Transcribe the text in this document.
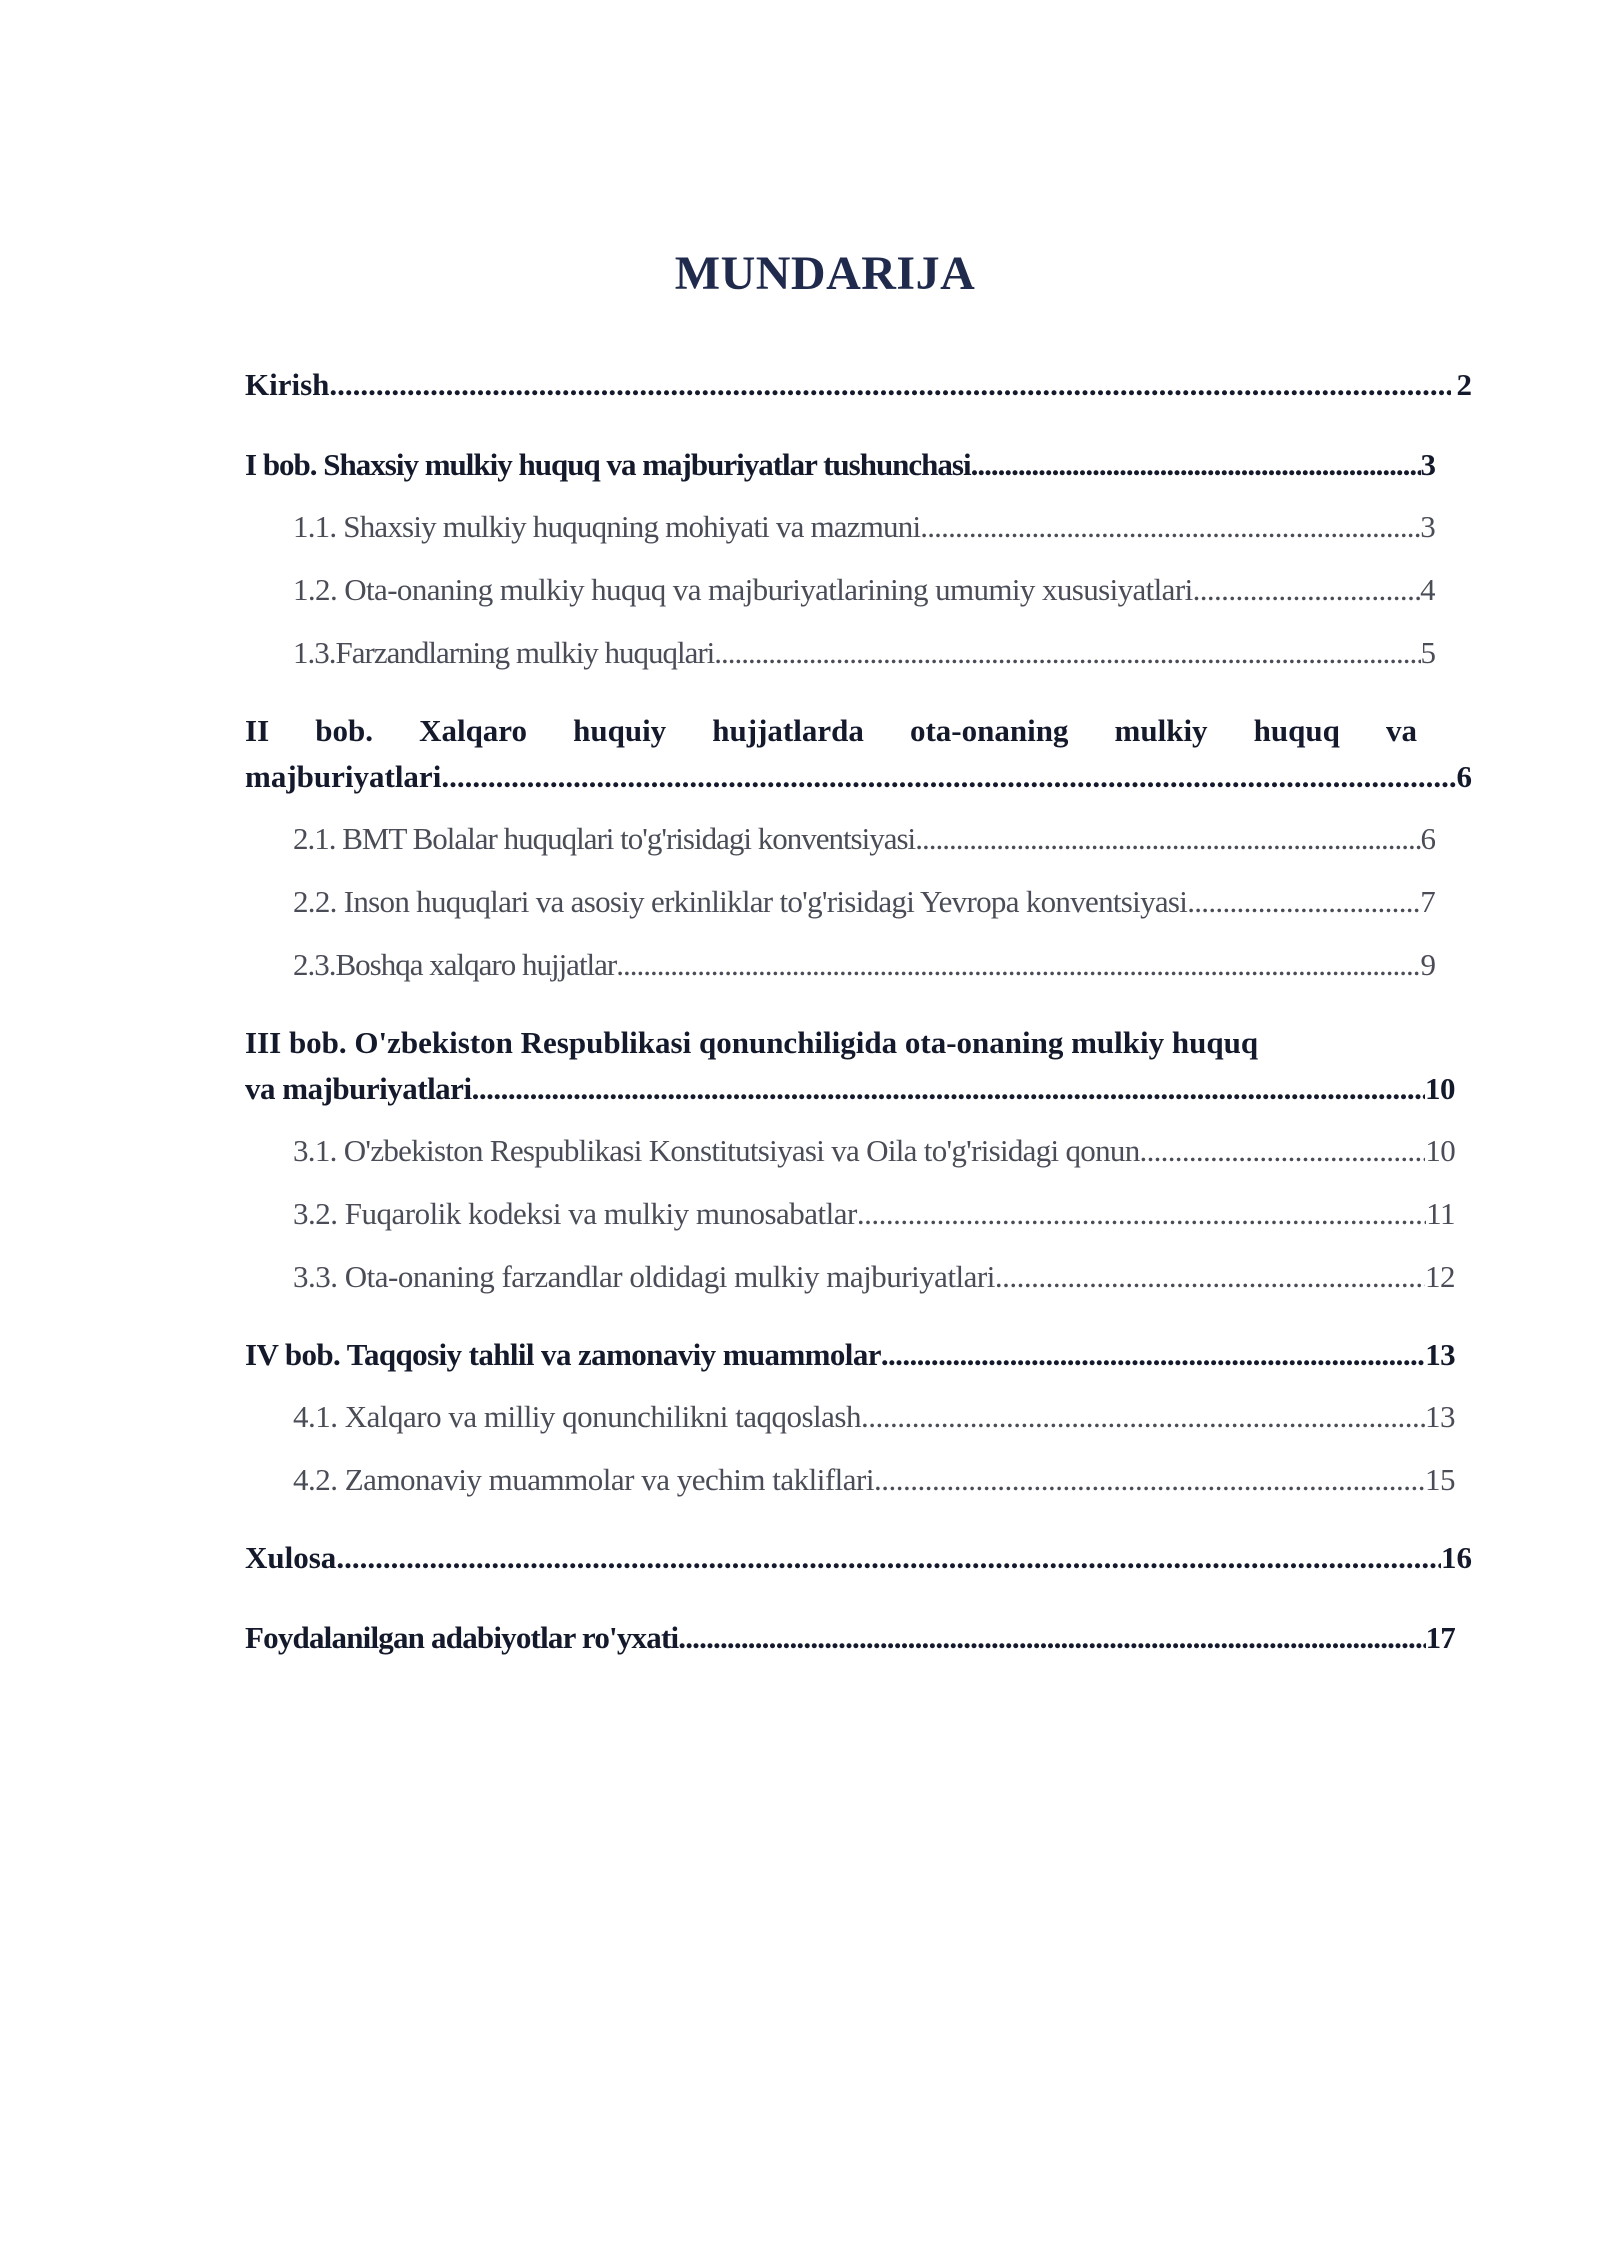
MUNDARIJA
Kirish .....	2
I bob. Shaxsiy mulkiy huquq va majburiyatlar tushunchasi .....	3
1.1. Shaxsiy mulkiy huquqning mohiyati va mazmuni .....	3
1.2. Ota-onaning mulkiy huquq va majburiyatlarining umumiy xususiyatlari .....	4
1.3.Farzandlarning mulkiy huquqlari .....	5
II bob. Xalqaro huquiy hujjatlarda ota-onaning mulkiy huquq va
majburiyatlari .....	6
2.1. BMT Bolalar huquqlari to'g'risidagi konventsiyasi .....	6
2.2. Inson huquqlari va asosiy erkinliklar to'g'risidagi Yevropa konventsiyasi .....	7
2.3.Boshqa xalqaro hujjatlar .....	9
III bob. O'zbekiston Respublikasi qonunchiligida ota-onaning mulkiy huquq
va majburiyatlari .....	10
3.1. O'zbekiston Respublikasi Konstitutsiyasi va Oila to'g'risidagi qonun .....	10
3.2. Fuqarolik kodeksi va mulkiy munosabatlar .....	11
3.3. Ota-onaning farzandlar oldidagi mulkiy majburiyatlari .....	12
IV bob. Taqqosiy tahlil va zamonaviy muammolar .....	13
4.1. Xalqaro va milliy qonunchilikni taqqoslash .....	13
4.2. Zamonaviy muammolar va yechim takliflari .....	15
Xulosa .....	16
Foydalanilgan adabiyotlar ro'yxati .....	17
